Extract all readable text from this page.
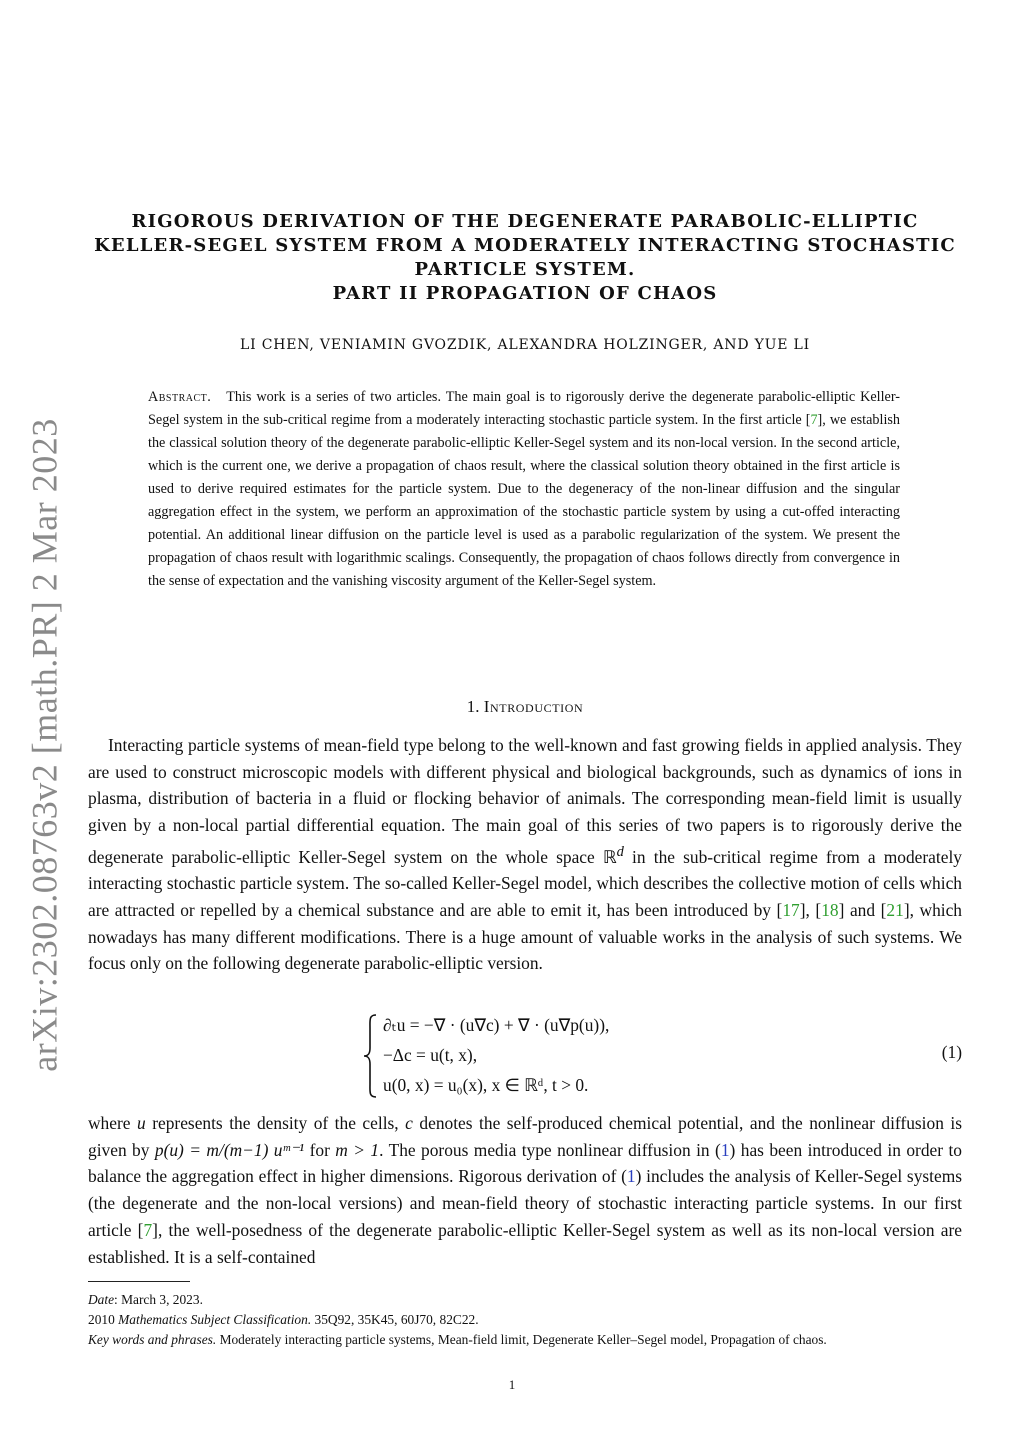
arXiv:2302.08763v2 [math.PR] 2 Mar 2023
RIGOROUS DERIVATION OF THE DEGENERATE PARABOLIC-ELLIPTIC
KELLER-SEGEL SYSTEM FROM A MODERATELY INTERACTING STOCHASTIC
PARTICLE SYSTEM.
PART II PROPAGATION OF CHAOS
LI CHEN, VENIAMIN GVOZDIK, ALEXANDRA HOLZINGER, AND YUE LI
Abstract. This work is a series of two articles. The main goal is to rigorously derive the degenerate parabolic-elliptic Keller-Segel system in the sub-critical regime from a moderately interacting stochastic particle system. In the first article [7], we establish the classical solution theory of the degenerate parabolic-elliptic Keller-Segel system and its non-local version. In the second article, which is the current one, we derive a propagation of chaos result, where the classical solution theory obtained in the first article is used to derive required estimates for the particle system. Due to the degeneracy of the non-linear diffusion and the singular aggregation effect in the system, we perform an approximation of the stochastic particle system by using a cut-offed interacting potential. An additional linear diffusion on the particle level is used as a parabolic regularization of the system. We present the propagation of chaos result with logarithmic scalings. Consequently, the propagation of chaos follows directly from convergence in the sense of expectation and the vanishing viscosity argument of the Keller-Segel system.
1. Introduction

Interacting particle systems of mean-field type belong to the well-known and fast growing fields in applied analysis. They are used to construct microscopic models with different physical and biological backgrounds, such as dynamics of ions in plasma, distribution of bacteria in a fluid or flocking behavior of animals. The corresponding mean-field limit is usually given by a non-local partial differential equation. The main goal of this series of two papers is to rigorously derive the degenerate parabolic-elliptic Keller-Segel system on the whole space ℝ$^d$ in the sub-critical regime from a moderately interacting stochastic particle system. The so-called Keller-Segel model, which describes the collective motion of cells which are attracted or repelled by a chemical substance and are able to emit it, has been introduced by [17], [18] and [21], which nowadays has many different modifications. There is a huge amount of valuable works in the analysis of such systems. We focus only on the following degenerate parabolic-elliptic version.

∂ₜu = −∇ · (u∇c) + ∇ · (u∇p(u)),
−Δc = u(t, x),
u(0, x) = u₀(x), x ∈ ℝᵈ, t > 0.
(1)

where u represents the density of the cells, c denotes the self-produced chemical potential, and the nonlinear diffusion is given by p(u) = m/(m−1) uᵐ⁻¹ for m > 1. The porous media type nonlinear diffusion in (1) has been introduced in order to balance the aggregation effect in higher dimensions. Rigorous derivation of (1) includes the analysis of Keller-Segel systems (the degenerate and the non-local versions) and mean-field theory of stochastic interacting particle systems. In our first article [7], the well-posedness of the degenerate parabolic-elliptic Keller-Segel system as well as its non-local version are established. It is a self-contained

Date: March 3, 2023.
2010 Mathematics Subject Classification. 35Q92, 35K45, 60J70, 82C22.
Key words and phrases. Moderately interacting particle systems, Mean-field limit, Degenerate Keller–Segel model, Propagation of chaos.
1
